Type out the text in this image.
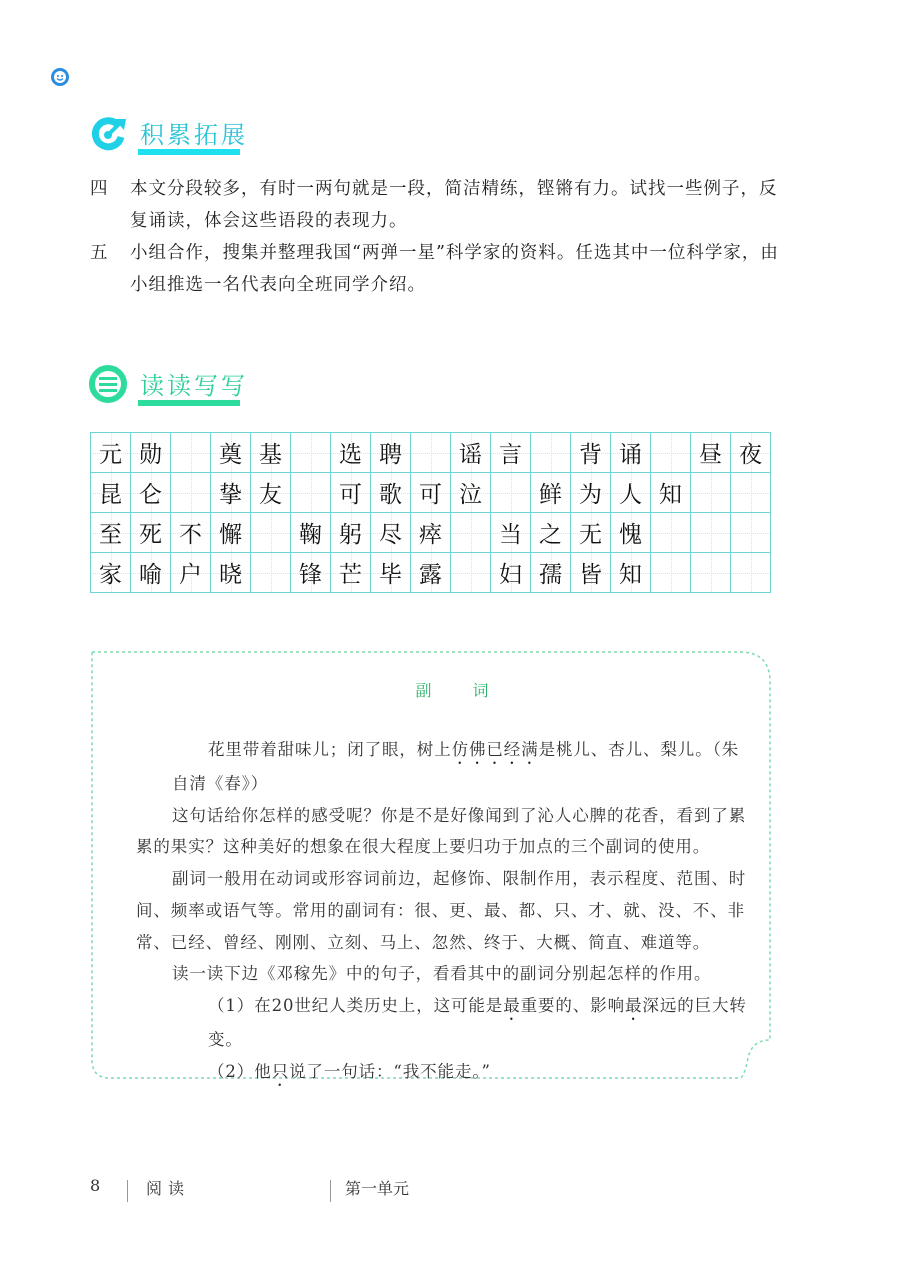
积累拓展
四 本文分段较多，有时一两句就是一段，简洁精练，铿锵有力。试找一些例子，反复诵读，体会这些语段的表现力。
五 小组合作，搜集并整理我国“两弹一星”科学家的资料。任选其中一位科学家，由小组推选一名代表向全班同学介绍。
读读写写
元 勋 奠 基 选 聘 谣 言 背 诵 昼 夜
昆 仑 挚 友 可 歌 可 泣 鲜 为 人 知
至 死 不 懈 鞠 躬 尽 瘁 当 之 无 愧
家 喻 户 晓 锋 芒 毕 露 妇 孺 皆 知
副 词

花里带着甜味儿；闭了眼，树上仿佛已经满是桃儿、杏儿、梨儿。（朱自清《春》）

这句话给你怎样的感受呢？你是不是好像闻到了沁人心脾的花香，看到了累累的果实？这种美好的想象在很大程度上要归功于加点的三个副词的使用。

副词一般用在动词或形容词前边，起修饰、限制作用，表示程度、范围、时间、频率或语气等。常用的副词有：很、更、最、都、只、才、就、没、不、非常、已经、曾经、刚刚、立刻、马上、忽然、终于、大概、简直、难道等。

读一读下边《邓稼先》中的句子，看看其中的副词分别起怎样的作用。

（1）在20世纪人类历史上，这可能是最重要的、影响最深远的巨大转变。

（2）他只说了一句话：“我不能走。”

8	阅读	第一单元
